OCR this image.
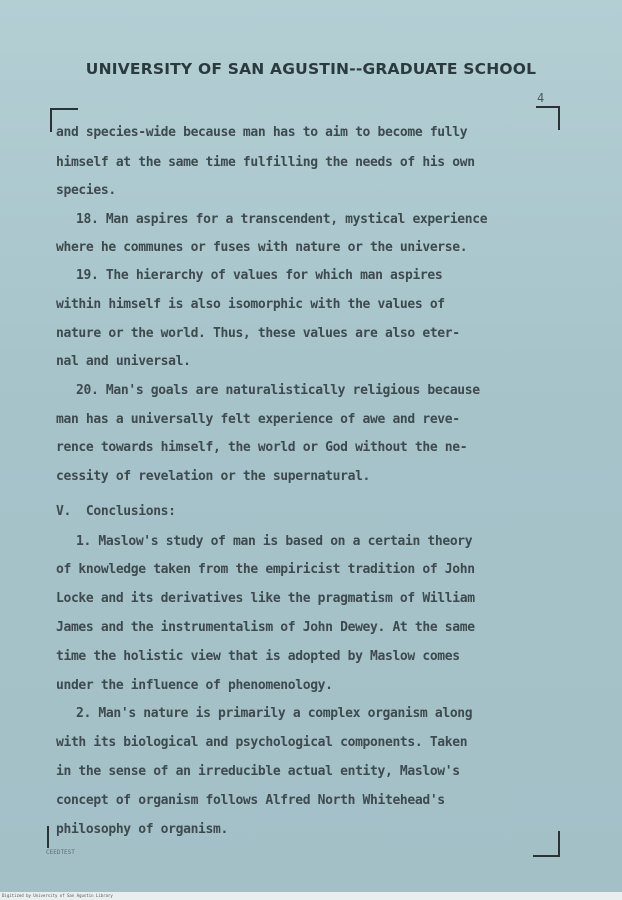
UNIVERSITY OF SAN AGUSTIN--GRADUATE SCHOOL
4
and species-wide because man has to aim to become fully
himself at the same time fulfilling the needs of his own
species.
18. Man aspires for a transcendent, mystical experience
where he communes or fuses with nature or the universe.
19. The hierarchy of values for which man aspires
within himself is also isomorphic with the values of
nature or the world. Thus, these values are also eter-
nal and universal.
20. Man's goals are naturalistically religious because
man has a universally felt experience of awe and reve-
rence towards himself, the world or God without the ne-
cessity of revelation or the supernatural.
V.  Conclusions:
1. Maslow's study of man is based on a certain theory
of knowledge taken from the empiricist tradition of John
Locke and its derivatives like the pragmatism of William
James and the instrumentalism of John Dewey. At the same
time the holistic view that is adopted by Maslow comes
under the influence of phenomenology.
2. Man's nature is primarily a complex organism along
with its biological and psychological components. Taken
in the sense of an irreducible actual entity, Maslow's
concept of organism follows Alfred North Whitehead's
philosophy of organism.
CEEDTEST
Digitized by University of San Agustin Library
